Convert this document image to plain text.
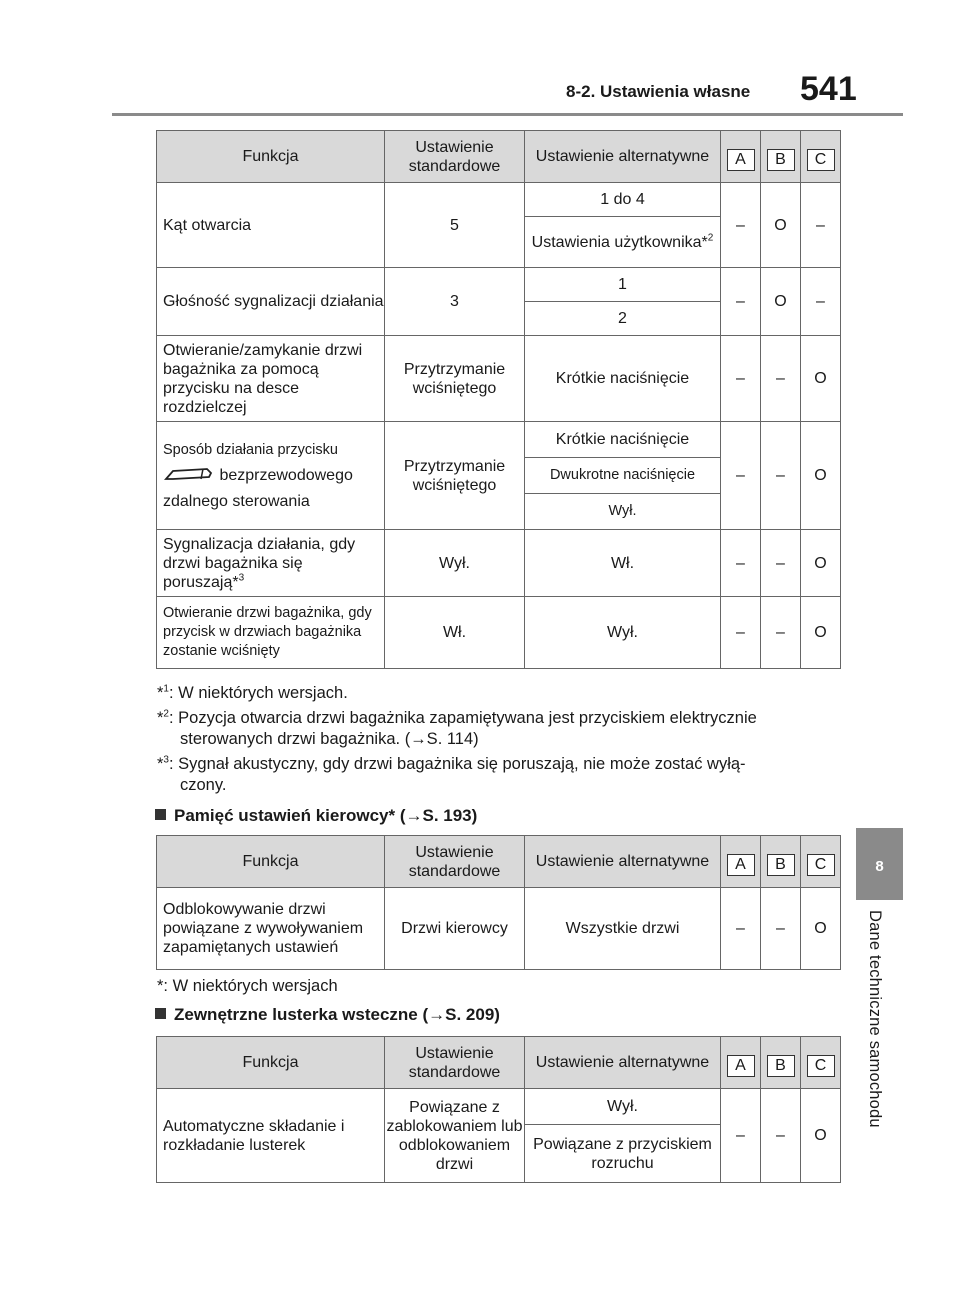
8-2. Ustawienia własne 541
8
Dane techniczne samochodu
Funkcja	Ustawienie standardowe	Ustawienie alternatywne	A	B	C
Kąt otwarcia	5	1 do 4	–	O	–
		Ustawienia użytkownika*$^2$
Głośność sygnalizacji działania	3	1	–	O	–
		2			
Otwieranie/zamykanie drzwi bagażnika za pomocą przycisku na desce rozdzielczej	Przytrzymanie wciśniętego	Krótkie naciśnięcie	–	–	O
Sposób działania przycisku
bezprzewodowego
zdalnego sterowania	Przytrzymanie wciśniętego	Krótkie naciśnięcie	–	–	O
		Dwukrotne naciśnięcie			
		Wył.			
Sygnalizacja działania, gdy drzwi bagażnika się poruszają*$^3$	Wył.	Wł.	–	–	O
Otwieranie drzwi bagażnika, gdy przycisk w drzwiach bagażnika zostanie wciśnięty	Wł.	Wył.	–	–	O
*$^1$: W niektórych wersjach.
*$^2$: Pozycja otwarcia drzwi bagażnika zapamiętywana jest przyciskiem elektrycznie
sterowanych drzwi bagażnika. (→S. 114)
*$^3$: Sygnał akustyczny, gdy drzwi bagażnika się poruszają, nie może zostać wyłą-
czony.
Pamięć ustawień kierowcy* (→S. 193)
Funkcja	Ustawienie standardowe	Ustawienie alternatywne	A	B	C
Odblokowywanie drzwi powiązane z wywoływaniem zapamiętanych ustawień	Drzwi kierowcy	Wszystkie drzwi	–	–	O
*: W niektórych wersjach
Zewnętrzne lusterka wsteczne (→S. 209)
Funkcja	Ustawienie standardowe	Ustawienie alternatywne	A	B	C
Automatyczne składanie i rozkładanie lusterek	Powiązane z zablokowaniem lub odblokowaniem drzwi	Wył.	–	–	O
		Powiązane z przyciskiem rozruchu			
